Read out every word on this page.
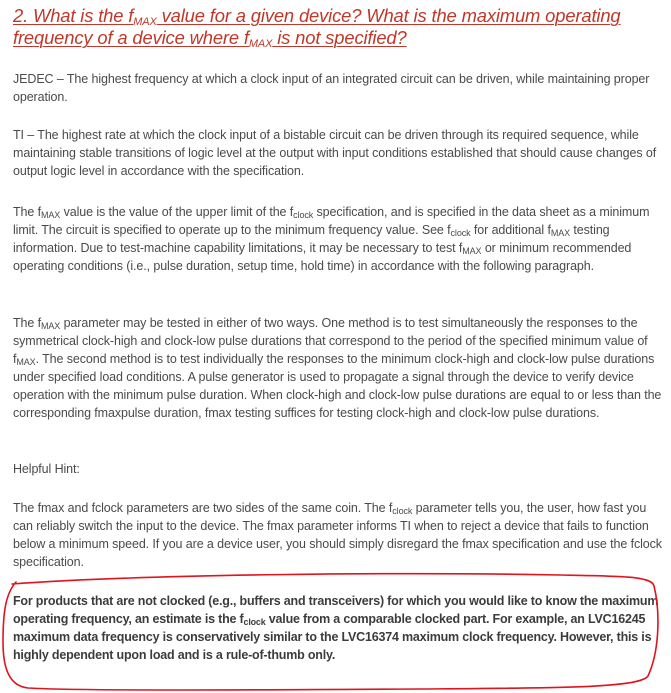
2. What is the $f_{MAX}$ value for a given device? What is the maximum operating frequency of a device where $f_{MAX}$ is not specified?

JEDEC – The highest frequency at which a clock input of an integrated circuit can be driven, while maintaining proper operation.

TI – The highest rate at which the clock input of a bistable circuit can be driven through its required sequence, while maintaining stable transitions of logic level at the output with input conditions established that should cause changes of output logic level in accordance with the specification.

The $f_{MAX}$ value is the value of the upper limit of the $f_{clock}$ specification, and is specified in the data sheet as a minimum limit. The circuit is specified to operate up to the minimum frequency value. See $f_{clock}$ for additional $f_{MAX}$ testing information. Due to test-machine capability limitations, it may be necessary to test $f_{MAX}$ or minimum recommended operating conditions (i.e., pulse duration, setup time, hold time) in accordance with the following paragraph.

The $f_{MAX}$ parameter may be tested in either of two ways. One method is to test simultaneously the responses to the symmetrical clock-high and clock-low pulse durations that correspond to the period of the specified minimum value of $f_{MAX}$. The second method is to test individually the responses to the minimum clock-high and clock-low pulse durations under specified load conditions. A pulse generator is used to propagate a signal through the device to verify device operation with the minimum pulse duration. When clock-high and clock-low pulse durations are equal to or less than the corresponding fmaxpulse duration, fmax testing suffices for testing clock-high and clock-low pulse durations.

Helpful Hint:

The fmax and fclock parameters are two sides of the same coin. The $f_{clock}$ parameter tells you, the user, how fast you can reliably switch the input to the device. The fmax parameter informs TI when to reject a device that fails to function below a minimum speed. If you are a device user, you should simply disregard the fmax specification and use the fclock specification.

For products that are not clocked (e.g., buffers and transceivers) for which you would like to know the maximum operating frequency, an estimate is the $f_{clock}$ value from a comparable clocked part. For example, an LVC16245 maximum data frequency is conservatively similar to the LVC16374 maximum clock frequency. However, this is highly dependent upon load and is a rule-of-thumb only.
